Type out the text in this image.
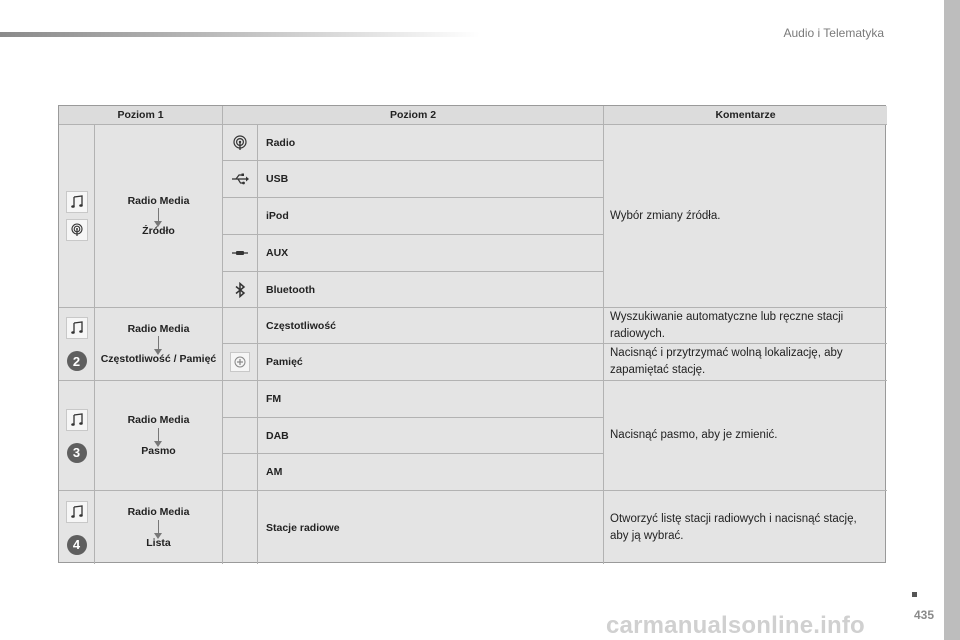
Audio i Telematyka
Poziom 1	Poziom 2	Komentarze
Radio Media
Źródło
Radio
USB
iPod
AUX
Bluetooth
Wybór zmiany źródła.
2
Radio Media
Częstotliwość / Pamięć
Częstotliwość
Wyszukiwanie automatyczne lub ręczne stacji radiowych.
Pamięć
Nacisnąć i przytrzymać wolną lokalizację, aby zapamiętać stację.
3
Radio Media
Pasmo
FM
DAB
AM
Nacisnąć pasmo, aby je zmienić.
4
Radio Media
Lista
Stacje radiowe
Otworzyć listę stacji radiowych i nacisnąć stację, aby ją wybrać.
435
carmanualsonline.info
